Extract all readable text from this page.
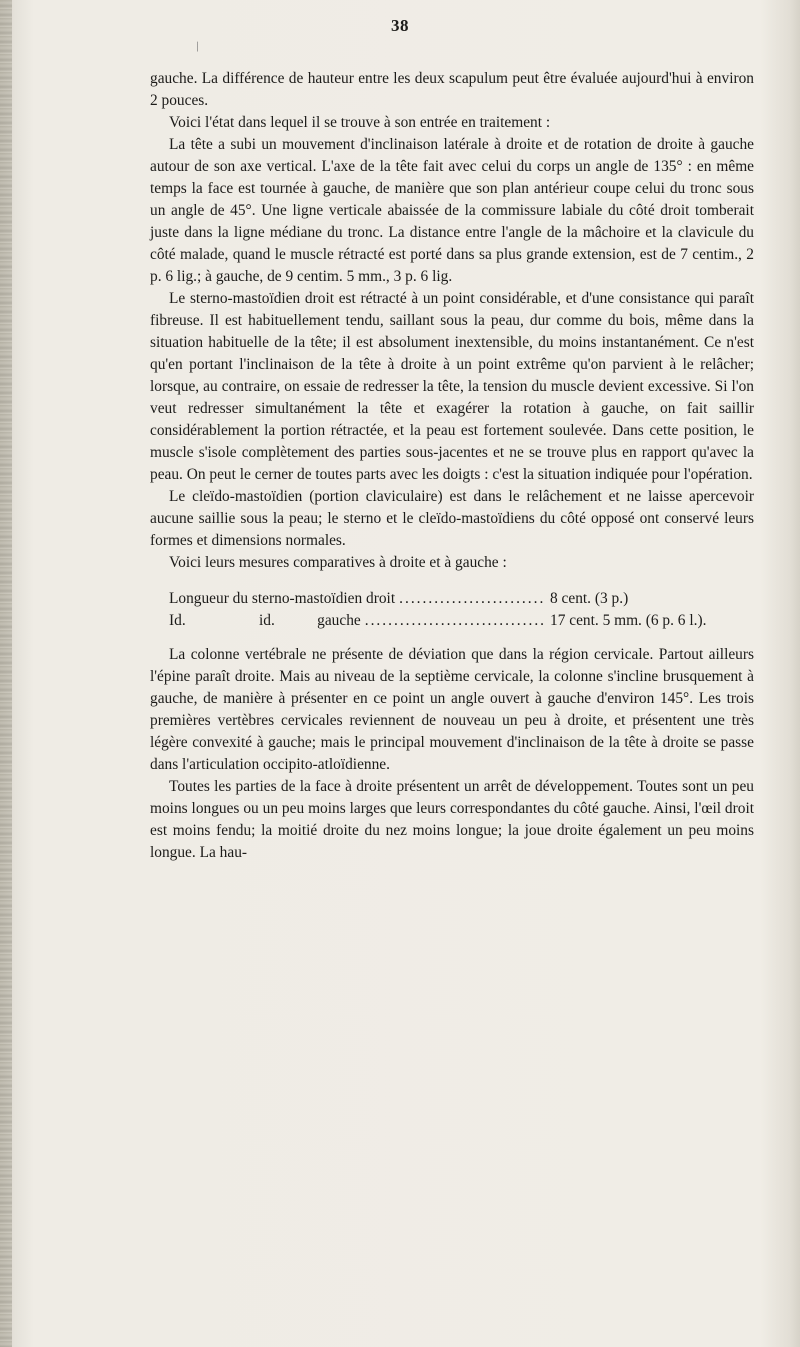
/
38

gauche. La différence de hauteur entre les deux scapulum peut être évaluée aujourd'hui à environ 2 pouces.

Voici l'état dans lequel il se trouve à son entrée en traitement :

La tête a subi un mouvement d'inclinaison latérale à droite et de rotation de droite à gauche autour de son axe vertical. L'axe de la tête fait avec celui du corps un angle de 135° : en même temps la face est tournée à gauche, de manière que son plan antérieur coupe celui du tronc sous un angle de 45°. Une ligne verticale abaissée de la commissure labiale du côté droit tomberait juste dans la ligne médiane du tronc. La distance entre l'angle de la mâchoire et la clavicule du côté malade, quand le muscle rétracté est porté dans sa plus grande extension, est de 7 centim., 2 p. 6 lig.; à gauche, de 9 centim. 5 mm., 3 p. 6 lig.

Le sterno-mastoïdien droit est rétracté à un point considérable, et d'une consistance qui paraît fibreuse. Il est habituellement tendu, saillant sous la peau, dur comme du bois, même dans la situation habituelle de la tête; il est absolument inextensible, du moins instantanément. Ce n'est qu'en portant l'inclinaison de la tête à droite à un point extrême qu'on parvient à le relâcher; lorsque, au contraire, on essaie de redresser la tête, la tension du muscle devient excessive. Si l'on veut redresser simultanément la tête et exagérer la rotation à gauche, on fait saillir considérablement la portion rétractée, et la peau est fortement soulevée. Dans cette position, le muscle s'isole complètement des parties sous-jacentes et ne se trouve plus en rapport qu'avec la peau. On peut le cerner de toutes parts avec les doigts : c'est la situation indiquée pour l'opération.

Le cleïdo-mastoïdien (portion claviculaire) est dans le relâchement et ne laisse apercevoir aucune saillie sous la peau; le sterno et le cleïdo-mastoïdiens du côté opposé ont conservé leurs formes et dimensions normales.

Voici leurs mesures comparatives à droite et à gauche :

Longueur du sterno-mastoïdien droit .....	8 cent. (3 p.)
Id.	id.           gauche .....	17 cent. 5 mm. (6 p. 6 l.).

La colonne vertébrale ne présente de déviation que dans la région cervicale. Partout ailleurs l'épine paraît droite. Mais au niveau de la septième cervicale, la colonne s'incline brusquement à gauche, de manière à présenter en ce point un angle ouvert à gauche d'environ 145°. Les trois premières vertèbres cervicales reviennent de nouveau un peu à droite, et présentent une très légère convexité à gauche; mais le principal mouvement d'inclinaison de la tête à droite se passe dans l'articulation occipito-atloïdienne.

Toutes les parties de la face à droite présentent un arrêt de développement. Toutes sont un peu moins longues ou un peu moins larges que leurs correspondantes du côté gauche. Ainsi, l'œil droit est moins fendu; la moitié droite du nez moins longue; la joue droite également un peu moins longue. La hau-
